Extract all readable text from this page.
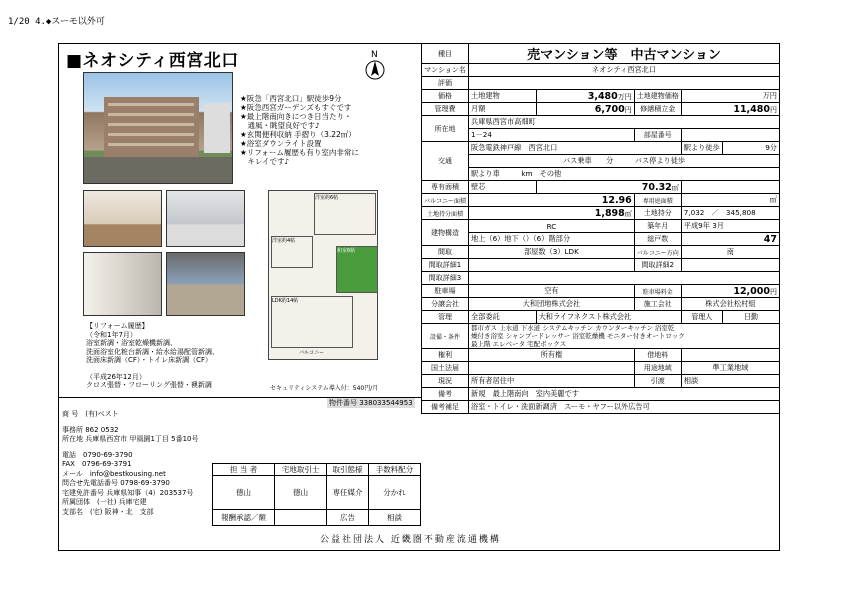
1/20 4.◆スーモ以外可
■ネオシティ西宮北口	N
★阪急「西宮北口」駅徒歩9分
★阪急西宮ガーデンズもすぐです
★最上階南向きにつき日当たり・
　通風・眺望良好です♪
★玄関便利収納 手摺り（3.22㎡）
★浴室ダウンライト設置
★リフォーム履歴も有り室内非常に
　キレイです♪
【リフォーム履歴】
（令和1年7月）
浴室新調・浴室乾燥機新調、
洗面浴室化粧台新調・給水給湯配管新調、
洗面床新調（CF）・トイレ床新調（CF）
（平成26年12月）
クロス張替・フローリング張替・襖新調
洋室約6帖
洋室約4帖
和室6帖
LDK約14帖
バルコニー
セキュリティシステム導入付：540円/月
物件番号 338033544953
商 号　(有)ベスト
事務所 862 0532
所在地 兵庫県西宮市 甲風園1丁目 5番10号
電話　0790-69-3790
FAX　0796-69-3791
メール　info@bestkousing.net
問合せ先電話番号 0798-69-3790
宅建免許番号 兵庫県知事（4）203537号
所属団体　(一社) 兵庫宅建
支部名　(宅) 阪神・北　支部
担 当 者	宅地取引士	取引態様	手数料配分
徳山	徳山	専任媒介	分かれ
報酬承認／額		広告	相談
種目	売マンション等　中古マンション				
マンション名	ネオシティ西宮北口				
評価					
価格	土地建物	3,480万円	土地建物価格	万円	
管理費	月額	6,700円	修繕積立金	11,480円	
所在地	兵庫県西宮市高畑町				
	1－24		部屋番号		
交通	阪急電鉄神戸線　西宮北口			駅より徒歩	9分
	バス乗車　　分　　　バス停より徒歩				
	駅より車　　　km　その他				
専有面積	壁芯	70.32㎡			
バルコニー面積	12.96		専用庭面積	㎡	
土地持分面積	1,898㎡		土地持分	7,032　／　345,808	
建物構造	RC		築年月	平成9年 3月	
	地上（6）地下（）（6）階部分		総戸数	47	
間取	部屋数（3）LDK		バルコニー方向	南	
間取詳細1			間取詳細2		
間取詳細3					
駐車場	空有		駐車場料金	12,000円	
分譲会社	大和団地株式会社		施工会社	株式会社松村組	
管理	全部委託	大和ライフネクスト株式会社		管理人	日勤
設備・条件	都市ガス 上水道 下水道 システムキッチン カウンターキッチン 浴室乾
燥付き浴室 シャンプードレッサー 浴室乾燥機 モニター付きオートロック
最上階 エレベータ 宅配ボックス				

権利	所有権		借地料		
国土法届			用途地域	準工業地域	
現況	所有者居住中		引渡	相談	
備考	新規　最上階南向　室内美麗です				
備考補足	浴室・トイレ・洗面新調済　スーモ・ヤフー以外広告可				
公益社団法人 近畿圏不動産流通機構
